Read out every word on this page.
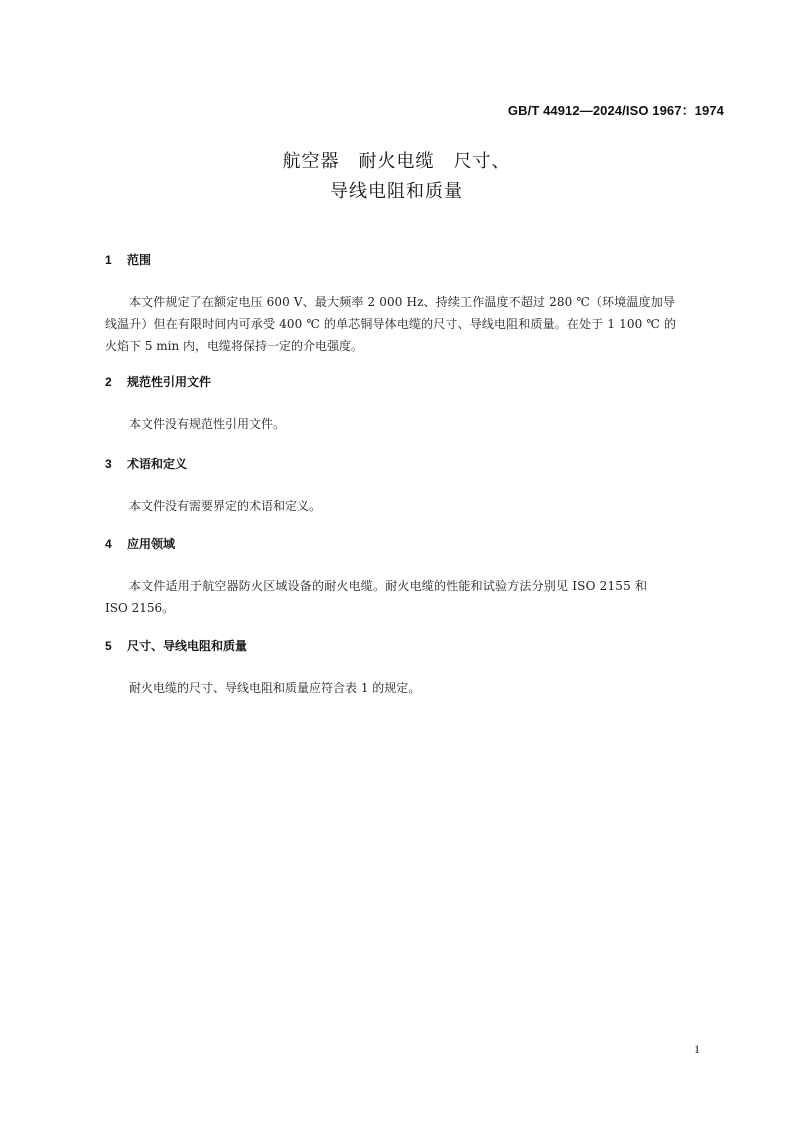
GB/T 44912—2024/ISO 1967：1974
航空器　耐火电缆　尺寸、
导线电阻和质量
1 范围
本文件规定了在额定电压 600 V、最大频率 2 000 Hz、持续工作温度不超过 280 ℃（环境温度加导
线温升）但在有限时间内可承受 400 ℃ 的单芯铜导体电缆的尺寸、导线电阻和质量。在处于 1 100 ℃ 的
火焰下 5 min 内，电缆将保持一定的介电强度。
2 规范性引用文件
本文件没有规范性引用文件。
3 术语和定义
本文件没有需要界定的术语和定义。
4 应用领域
本文件适用于航空器防火区域设备的耐火电缆。耐火电缆的性能和试验方法分别见 ISO 2155 和
ISO 2156。
5 尺寸、导线电阻和质量
耐火电缆的尺寸、导线电阻和质量应符合表 1 的规定。
1
